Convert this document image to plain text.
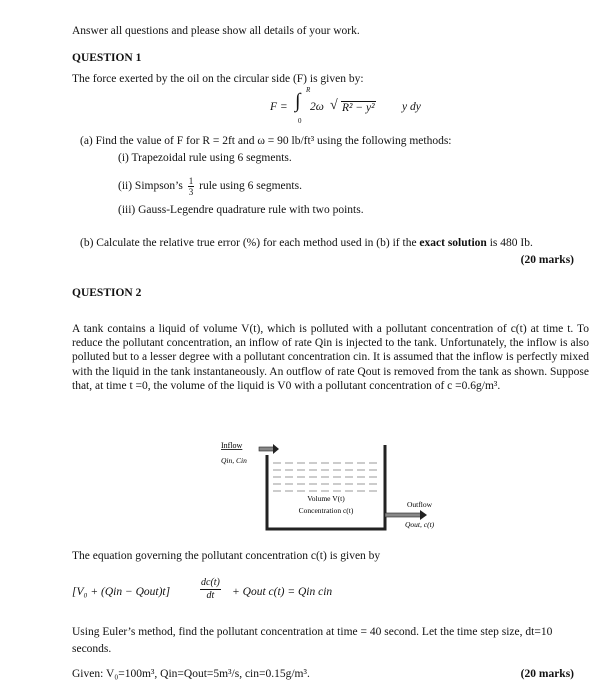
Answer all questions and please show all details of your work.
QUESTION 1
The force exerted by the oil on the circular side (F) is given by:
F = ∫ R
0
2ω √ R² − y² y dy
(a) Find the value of F for R = 2ft and ω = 90 lb/ft³ using the following methods:
(i) Trapezoidal rule using 6 segments.
(ii) Simpson’s $\frac{1}{3}$ rule using 6 segments.
(iii) Gauss-Legendre quadrature rule with two points.
(b) Calculate the relative true error (%) for each method used in (b) if the exact solution is 480 Ib.
(20 marks)
QUESTION 2
A tank contains a liquid of volume V(t), which is polluted with a pollutant concentration of c(t) at time t. To reduce the pollutant concentration, an inflow of rate Qin is injected to the tank. Unfortunately, the inflow is also polluted but to a lesser degree with a pollutant concentration cin. It is assumed that the inflow is perfectly mixed with the liquid in the tank instantaneously. An outflow of rate Qout is removed from the tank as shown. Suppose that, at time t =0, the volume of the liquid is V0 with a pollutant concentration of c =0.6g/m³.
Inflow
Qin, Cin
Volume V(t)
Concentration c(t)
Outflow
Qout, c(t)
The equation governing the pollutant concentration c(t) is given by
[V₀ + (Qin − Qout)t]
dc(t)
dt	+ Qout c(t) = Qin cin
Using Euler’s method, find the pollutant concentration at time = 40 second. Let the time step size, dt=10 seconds.
Given: V₀=100m³, Qin=Qout=5m³/s, cin=0.15g/m³.	(20 marks)
